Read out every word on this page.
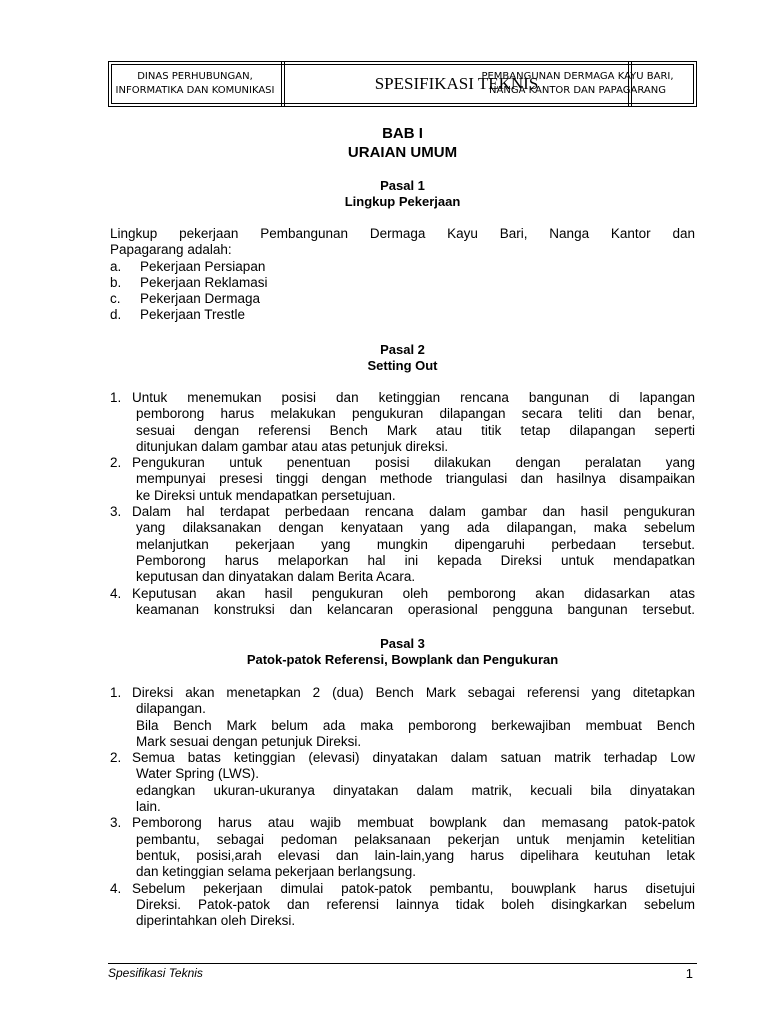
DINAS PERHUBUNGAN, INFORMATIKA DAN KOMUNIKASI	SPESIFIKASI TEKNIS
PEMBANGUNAN DERMAGA KAYU BARI, NANGA KANTOR DAN PAPAGARANG
BAB I
URAIAN UMUM
Pasal 1
Lingkup Pekerjaan
Lingkup pekerjaan Pembangunan Dermaga Kayu Bari, Nanga Kantor dan
Papagarang adalah:
a.	Pekerjaan Persiapan
b.	Pekerjaan Reklamasi
c.	Pekerjaan Dermaga
d.	Pekerjaan Trestle
Pasal 2
Setting Out
1. Untuk menemukan posisi dan ketinggian rencana bangunan di lapangan
pemborong harus melakukan pengukuran dilapangan secara teliti dan benar,
sesuai dengan referensi Bench Mark atau titik tetap dilapangan seperti
ditunjukan dalam gambar atau atas petunjuk direksi.
2. Pengukuran untuk penentuan posisi dilakukan dengan peralatan yang
mempunyai presesi tinggi dengan methode triangulasi dan hasilnya disampaikan
ke Direksi untuk mendapatkan persetujuan.
3. Dalam hal terdapat perbedaan rencana dalam gambar dan hasil pengukuran
yang dilaksanakan dengan kenyataan yang ada dilapangan, maka sebelum
melanjutkan pekerjaan yang mungkin dipengaruhi perbedaan tersebut.
Pemborong harus melaporkan hal ini kepada Direksi untuk mendapatkan
keputusan dan dinyatakan dalam Berita Acara.
4. Keputusan akan hasil pengukuran oleh pemborong akan didasarkan atas
keamanan konstruksi dan kelancaran operasional pengguna bangunan tersebut.
Pasal 3
Patok-patok Referensi, Bowplank dan Pengukuran
1. Direksi akan menetapkan 2 (dua) Bench Mark sebagai referensi yang ditetapkan
dilapangan.
Bila Bench Mark belum ada maka pemborong berkewajiban membuat Bench
Mark sesuai dengan petunjuk Direksi.
2. Semua batas ketinggian (elevasi) dinyatakan dalam satuan matrik terhadap Low
Water Spring (LWS).
edangkan ukuran-ukuranya dinyatakan dalam matrik, kecuali bila dinyatakan
lain.
3. Pemborong harus atau wajib membuat bowplank dan memasang patok-patok
pembantu, sebagai pedoman pelaksanaan pekerjan untuk menjamin ketelitian
bentuk, posisi,arah elevasi dan lain-lain,yang harus dipelihara keutuhan letak
dan ketinggian selama pekerjaan berlangsung.
4. Sebelum pekerjaan dimulai patok-patok pembantu, bouwplank harus disetujui
Direksi. Patok-patok dan referensi lainnya tidak boleh disingkarkan sebelum
diperintahkan oleh Direksi.
Spesifikasi Teknis	1
